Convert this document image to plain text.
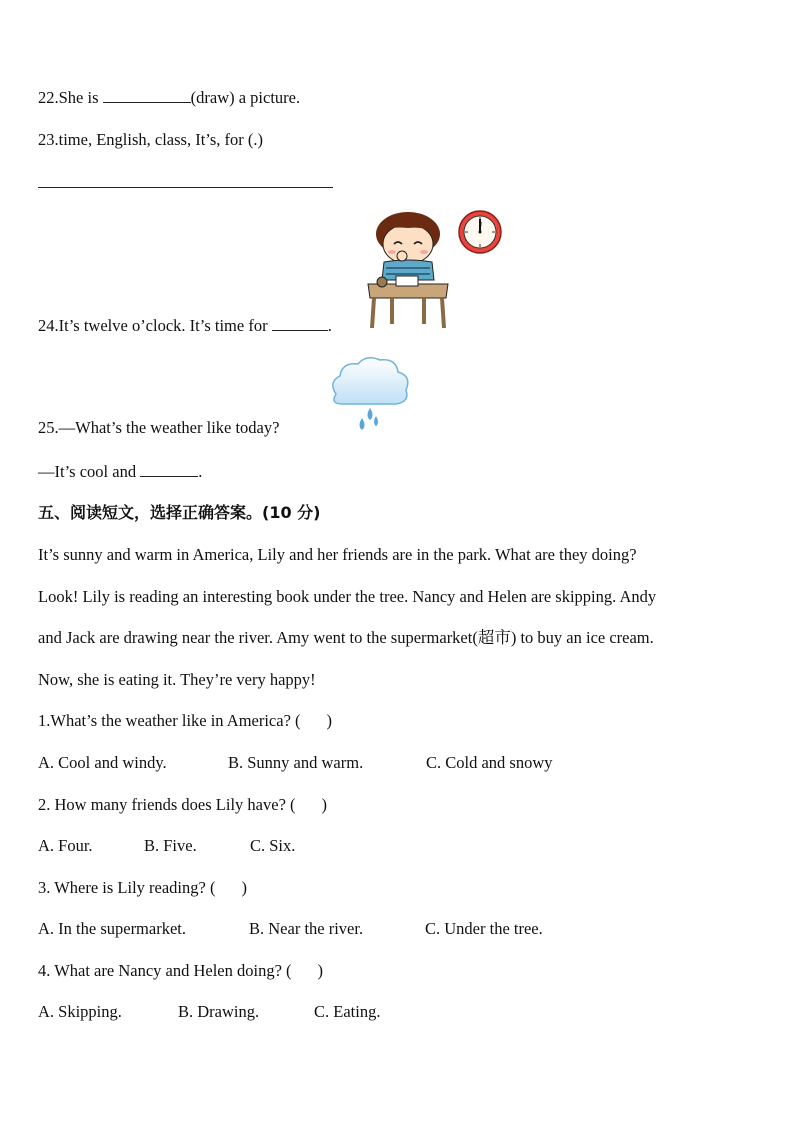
22.She is	(draw) a picture.
23.time, English, class, It’s, for (.)
24.It’s twelve o’clock. It’s time for	.
25.—What’s the weather like today?
—It’s cool and	.
五、阅读短文，选择正确答案。(10 分)
It’s sunny and warm in America, Lily and her friends are in the park. What are they doing?
Look! Lily is reading an interesting book under the tree. Nancy and Helen are skipping. Andy
and Jack are drawing near the river. Amy went to the supermarket(超市) to buy an ice cream.
Now, she is eating it. They’re very happy!
1.What’s the weather like in America? ( )
A. Cool and windy.	B. Sunny and warm.	C. Cold and snowy
2. How many friends does Lily have? ( )
A. Four.	B. Five.	C. Six.
3. Where is Lily reading? ( )
A. In the supermarket.	B. Near the river.	C. Under the tree.
4. What are Nancy and Helen doing? ( )
A. Skipping.	B. Drawing.	C. Eating.
